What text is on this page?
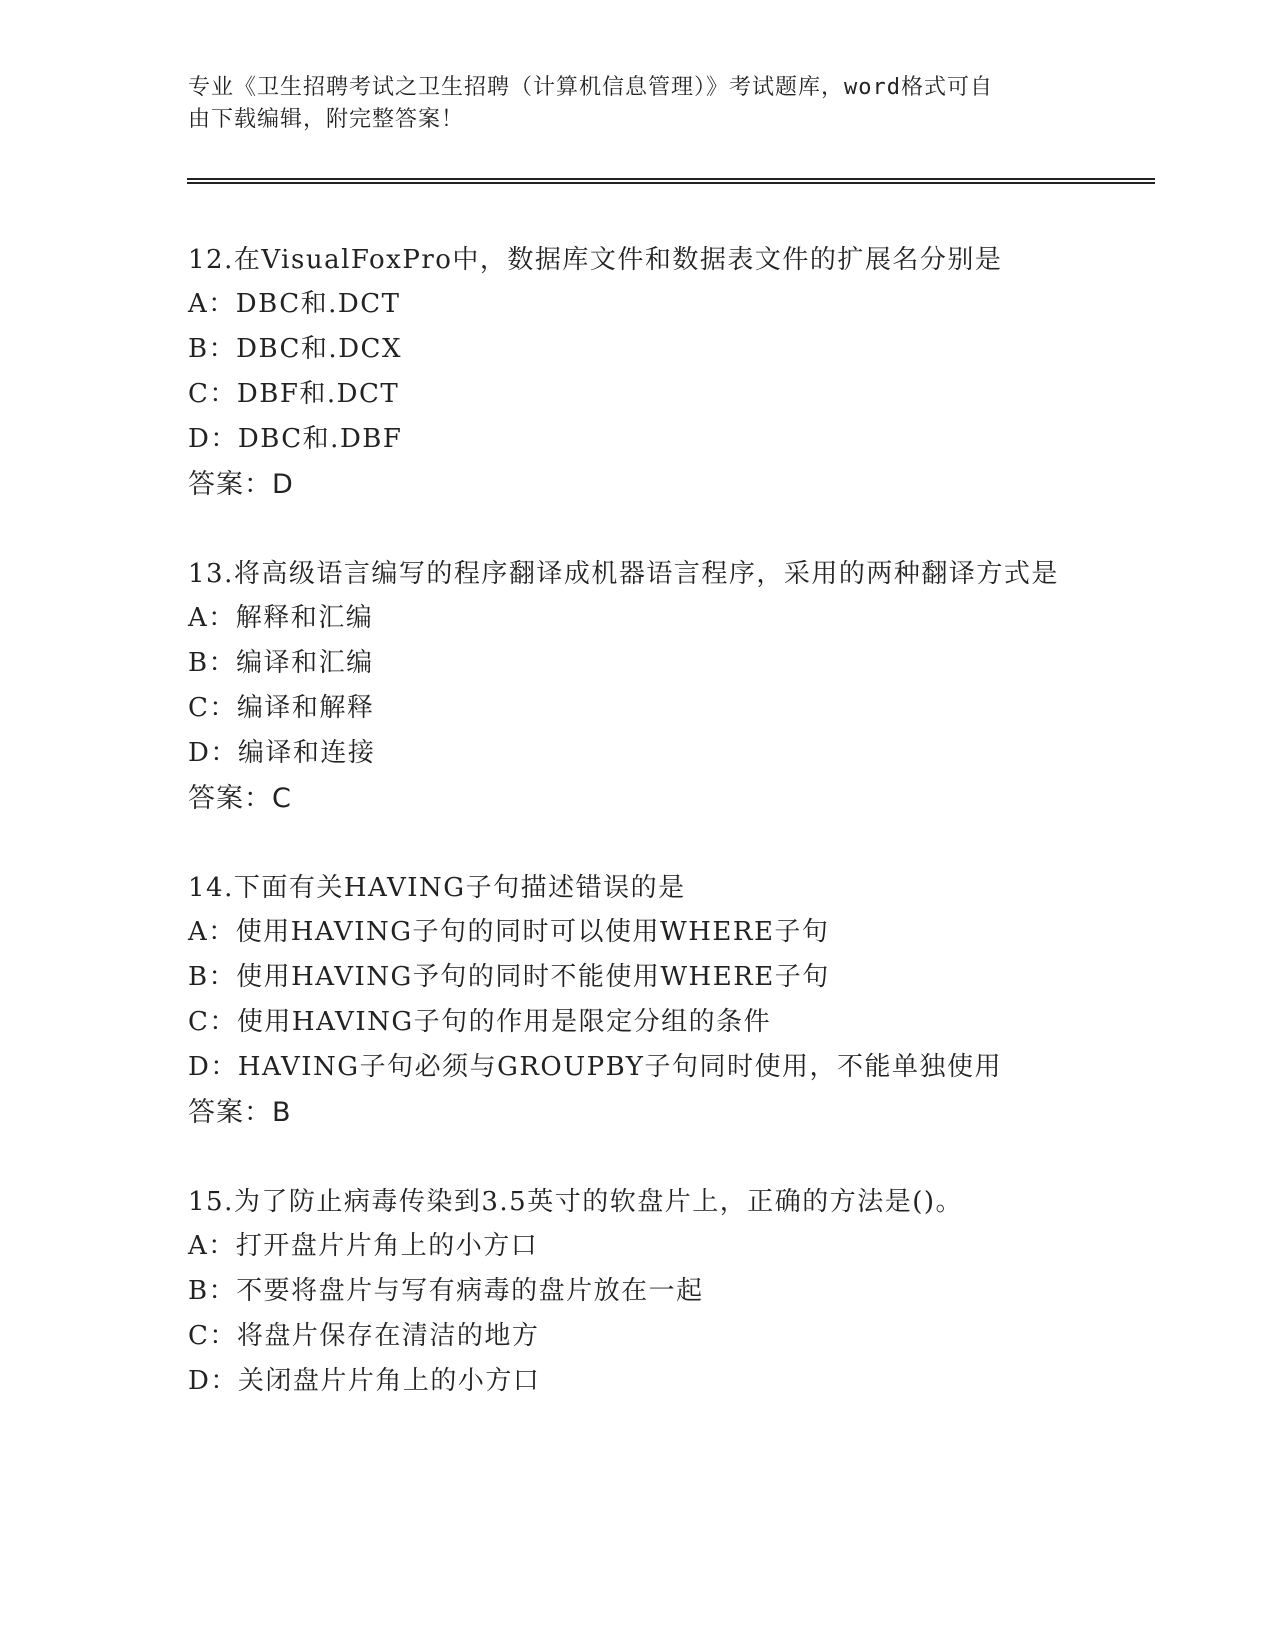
专业《卫生招聘考试之卫生招聘（计算机信息管理）》考试题库，word格式可自
由下载编辑，附完整答案！
12.在VisualFoxPro中，数据库文件和数据表文件的扩展名分别是
A：DBC和.DCT
B：DBC和.DCX
C：DBF和.DCT
D：DBC和.DBF
答案：D
13.将高级语言编写的程序翻译成机器语言程序，采用的两种翻译方式是
A：解释和汇编
B：编译和汇编
C：编译和解释
D：编译和连接
答案：C
14.下面有关HAVING子句描述错误的是
A：使用HAVING子句的同时可以使用WHERE子句
B：使用HAVING予句的同时不能使用WHERE子句
C：使用HAVING子句的作用是限定分组的条件
D：HAVING子句必须与GROUPBY子句同时使用，不能单独使用
答案：B
15.为了防止病毒传染到3.5英寸的软盘片上，正确的方法是()。
A：打开盘片片角上的小方口
B：不要将盘片与写有病毒的盘片放在一起
C：将盘片保存在清洁的地方
D：关闭盘片片角上的小方口
